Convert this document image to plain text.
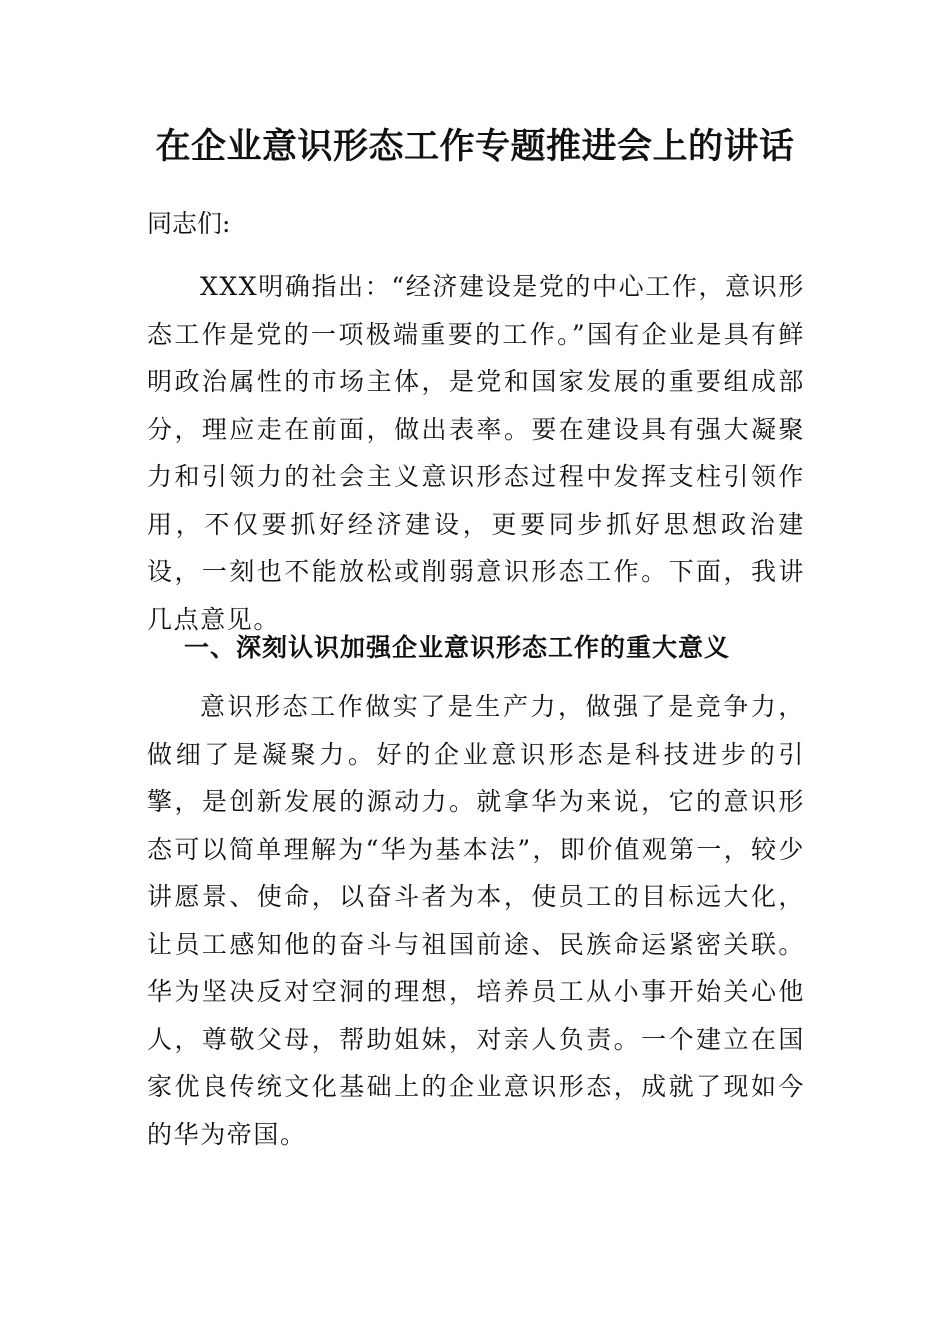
在企业意识形态工作专题推进会上的讲话

同志们:

XXX明确指出：“经济建设是党的中心工作，意识形态工作是党的一项极端重要的工作。”国有企业是具有鲜明政治属性的市场主体，是党和国家发展的重要组成部分，理应走在前面，做出表率。要在建设具有强大凝聚力和引领力的社会主义意识形态过程中发挥支柱引领作用，不仅要抓好经济建设，更要同步抓好思想政治建设，一刻也不能放松或削弱意识形态工作。下面，我讲几点意见。

一、深刻认识加强企业意识形态工作的重大意义

意识形态工作做实了是生产力，做强了是竞争力，做细了是凝聚力。好的企业意识形态是科技进步的引擎，是创新发展的源动力。就拿华为来说，它的意识形态可以简单理解为“华为基本法”，即价值观第一，较少讲愿景、使命，以奋斗者为本，使员工的目标远大化，让员工感知他的奋斗与祖国前途、民族命运紧密关联。华为坚决反对空洞的理想，培养员工从小事开始关心他人，尊敬父母，帮助姐妹，对亲人负责。一个建立在国家优良传统文化基础上的企业意识形态，成就了现如今的华为帝国。
